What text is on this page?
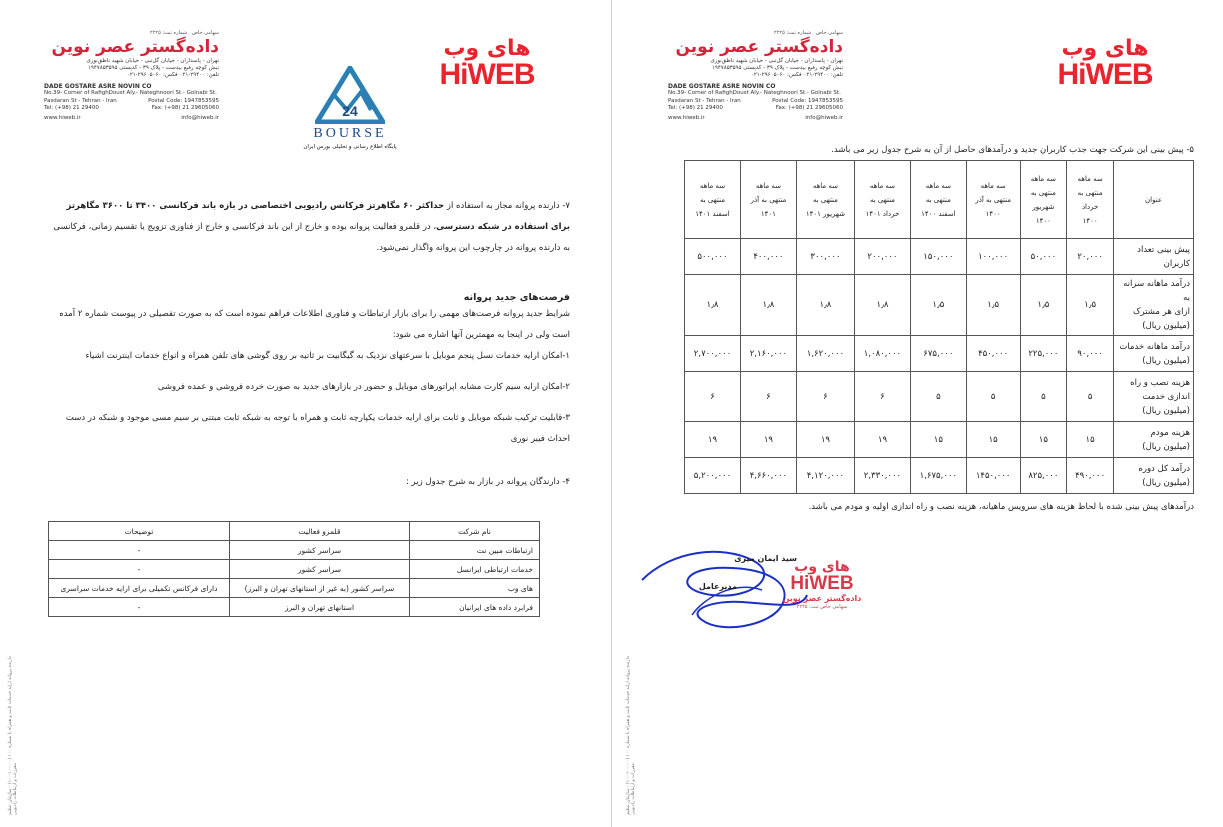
سهامی خاص   شماره ثبت: ۲۲۲۵
داده‌گستر عصر نوین
تهران - پاسداران - خیابان گل‌نبی - خیابان شهید ناطق‌نوری
نبش کوچه رفیع بیدست - پلاک ۳۹ - کدپستی ۱۹۴۷۸۵۳۵۹۵
تلفن: ۲۹۴۰۰-۰۲۱ فکس: ۲۹۶۰۵۰۶۰-۰۲۱
DADE GOSTARE ASRE NOVIN CO
No.39- Corner of RafighDoust Aly.- Nateghnoori St.- Golnabi St.
Pasdaran St - Tehran - Iran	Postal Code: 1947853595
Tel: (+98) 21 29400	Fax: (+98) 21 29605060
www.hiweb.ir	info@hiweb.ir
های وب
HiWEB
24
BOURSE
پایگاه اطلاع رسانی و تحلیلی بورس ایران
۷- دارنده پروانه مجاز به استفاده از حداکثر ۶۰ مگاهرتز فرکانس رادیویی اختصاصی در بازه باند فرکانسی ۳۴۰۰ تا ۳۶۰۰ مگاهرتز برای استفاده در شبکه دسترسی، در قلمرو فعالیت پروانه بوده و خارج از این باند فرکانسی و خارج از فناوری تزویج یا تقسیم زمانی، فرکانسی به دارنده پروانه در چارچوب این پروانه واگذار نمی‌شود.
فرصت‌های جدید پروانه
شرایط جدید پروانه فرصت‌های مهمی را برای بازار ارتباطات و فناوری اطلاعات فراهم نموده است که به صورت تفصیلی در پیوست شماره ۲ آمده است ولی در اینجا به مهمترین آنها اشاره می شود:
۱-امکان ارایه خدمات نسل پنجم موبایل با سرعتهای نزدیک به گیگابیت بر ثانیه بر روی گوشی های تلفن همراه و انواع خدمات اینترنت اشیاء
۲-امکان ارایه سیم کارت مشابه اپراتورهای موبایل و حضور در بازارهای جدید به صورت خرده فروشی و عمده فروشی
۳-قابلیت ترکیب شبکه موبایل و ثابت برای ارایه خدمات یکپارچه ثابت و همراه با توجه به شبکه ثابت مبتنی بر سیم مسی موجود و شبکه در دست احداث فیبر نوری
۴- دارندگان پروانه در بازار به شرح جدول زیر :
نام شرکت	قلمرو فعالیت	توضیحات
ارتباطات مبین نت	سراسر کشور	-
خدمات ارتباطی ایرانسل	سراسر کشور	-
های وب	سراسر کشور (به غیر از استانهای تهران و البرز)	دارای فرکانس تکمیلی برای ارایه خدمات سراسری
فرابرد داده های ایرانیان	استانهای تهران و البرز	-
دارنده پروانه ارایه خدمات ثابت و همراه با شماره ۱۰۰ (۰۰۰-۱۰-۱۰۰) - سازمان تنظیم مقررات و ارتباطات رادیویی
سهامی خاص   شماره ثبت: ۲۲۲۵
داده‌گستر عصر نوین
تهران - پاسداران - خیابان گل‌نبی - خیابان شهید ناطق‌نوری
نبش کوچه رفیع بیدست - پلاک ۳۹ - کدپستی ۱۹۴۷۸۵۳۵۹۵
تلفن: ۲۹۴۰۰-۰۲۱ فکس: ۲۹۶۰۵۰۶۰-۰۲۱
DADE GOSTARE ASRE NOVIN CO
No.39- Corner of RafighDoust Aly.- Nateghnoori St.- Golnabi St.
Pasdaran St - Tehran - Iran	Postal Code: 1947853595
Tel: (+98) 21 29400	Fax: (+98) 21 29605060
www.hiweb.ir	info@hiweb.ir
های وب
HiWEB
۵- پیش بینی این شرکت جهت جذب کاربران جدید و درآمدهای حاصل از آن به شرح جدول زیر می باشد.
عنوان	سه ماهه
منتهی به
خرداد
۱۴۰۰	سه ماهه
منتهی به
شهریور
۱۴۰۰	سه ماهه
منتهی به آذر
۱۴۰۰	سه ماهه
منتهی به
اسفند ۱۴۰۰	سه ماهه
منتهی به
خرداد ۱۴۰۱	سه ماهه
منتهی به
شهریور ۱۴۰۱	سه ماهه
منتهی به آذر
۱۴۰۱	سه ماهه
منتهی به
اسفند ۱۴۰۱
پیش بینی تعداد
کاربران	۲۰,۰۰۰	۵۰,۰۰۰	۱۰۰,۰۰۰	۱۵۰,۰۰۰	۲۰۰,۰۰۰	۳۰۰,۰۰۰	۴۰۰,۰۰۰	۵۰۰,۰۰۰
درآمد ماهانه سرانه به
ازای هر مشترک
(میلیون ریال)	۱٫۵	۱٫۵	۱٫۵	۱٫۵	۱٫۸	۱٫۸	۱٫۸	۱٫۸
درآمد ماهانه خدمات
(میلیون ریال)	۹۰,۰۰۰	۲۲۵,۰۰۰	۴۵۰,۰۰۰	۶۷۵,۰۰۰	۱,۰۸۰,۰۰۰	۱,۶۲۰,۰۰۰	۲,۱۶۰,۰۰۰	۲,۷۰۰,۰۰۰
هزینه نصب و راه
اندازی خدمت
(میلیون ریال)	۵	۵	۵	۵	۶	۶	۶	۶
هزینه مودم
(میلیون ریال)	۱۵	۱۵	۱۵	۱۵	۱۹	۱۹	۱۹	۱۹
درآمد کل دوره
(میلیون ریال)	۴۹۰,۰۰۰	۸۲۵,۰۰۰	۱۴۵۰,۰۰۰	۱,۶۷۵,۰۰۰	۲,۳۳۰,۰۰۰	۴,۱۲۰,۰۰۰	۴,۶۶۰,۰۰۰	۵,۲۰۰,۰۰۰
درآمدهای پیش بینی شده با لحاظ هزینه های سرویس ماهیانه، هزینه نصب و راه اندازی اولیه و مودم می باشد.
سید ایمان میری
مدیرعامل
های وب
HiWEB
داده‌گستر عصر نوین
سهامی خاص ثبت: ۲۲۲۵
دارنده پروانه ارایه خدمات ثابت و همراه با شماره ۱۰۰ (۰۰۰-۱۰-۱۰۰) - سازمان تنظیم مقررات و ارتباطات رادیویی
